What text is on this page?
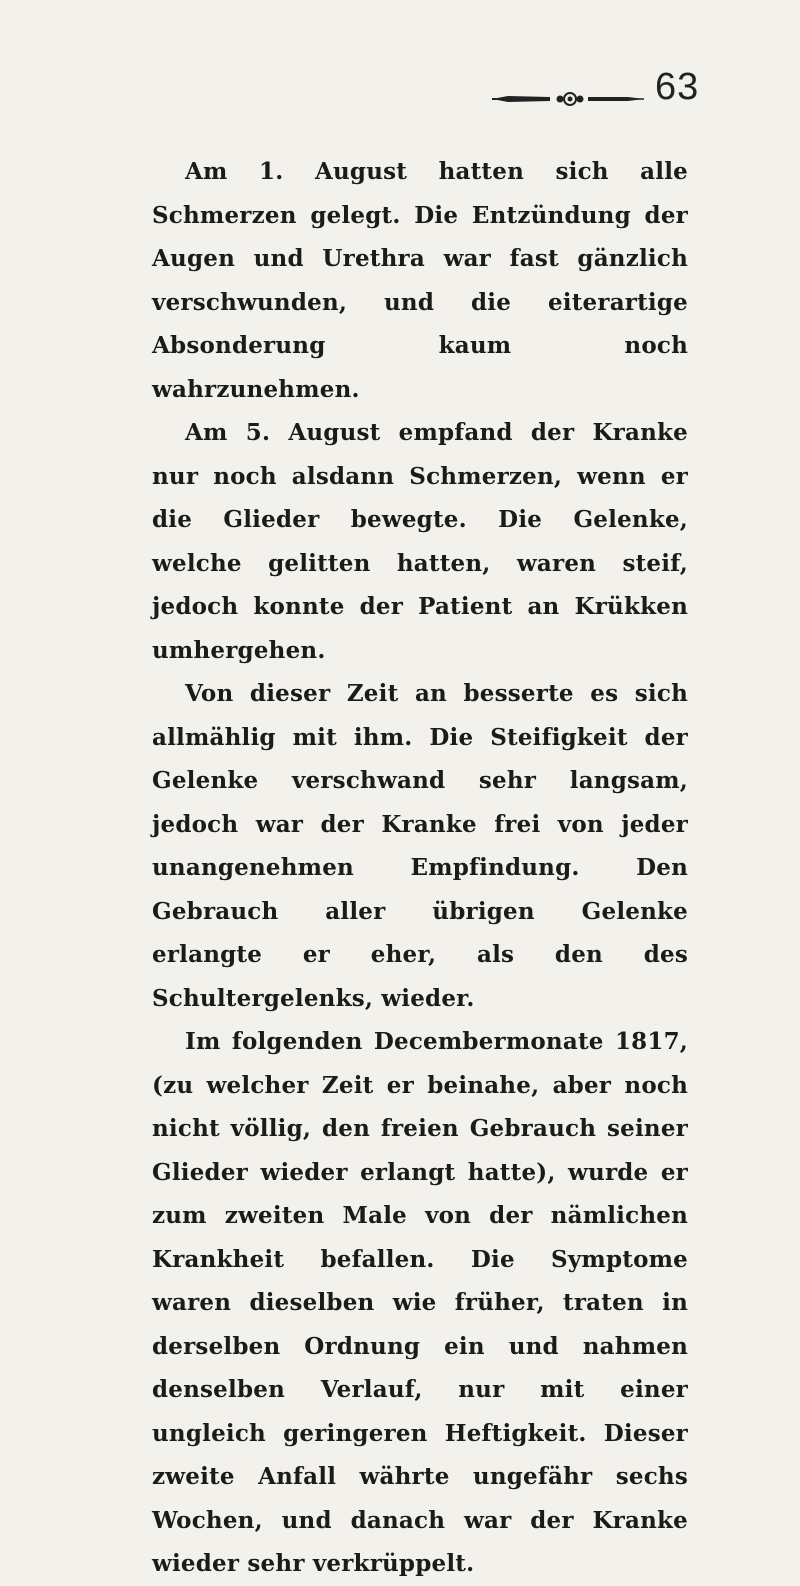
63

Am 1. August hatten sich alle Schmerzen gelegt. Die Entzündung der Augen und Urethra war fast gänzlich verschwunden, und die eiterartige Absonderung kaum noch wahrzunehmen.

Am 5. August empfand der Kranke nur noch alsdann Schmerzen, wenn er die Glieder bewegte. Die Gelenke, welche gelitten hatten, waren steif, jedoch konnte der Patient an Krükken umhergehen.

Von dieser Zeit an besserte es sich allmählig mit ihm. Die Steifigkeit der Gelenke verschwand sehr langsam, jedoch war der Kranke frei von jeder unangenehmen Empfindung. Den Gebrauch aller übrigen Gelenke erlangte er eher, als den des Schultergelenks, wieder.

Im folgenden Decembermonate 1817, (zu welcher Zeit er beinahe, aber noch nicht völlig, den freien Gebrauch seiner Glieder wieder erlangt hatte), wurde er zum zweiten Male von der nämlichen Krankheit befallen. Die Symptome waren dieselben wie früher, traten in derselben Ordnung ein und nahmen denselben Verlauf, nur mit einer ungleich geringeren Heftigkeit. Dieser zweite Anfall währte ungefähr sechs Wochen, und danach war der Kranke wieder sehr verkrüppelt.
